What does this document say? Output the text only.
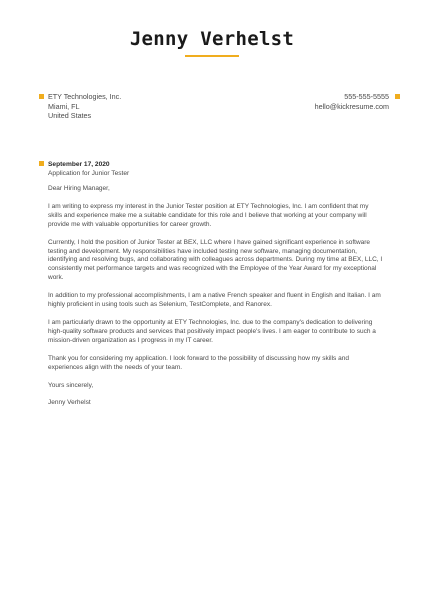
Jenny Verhelst
ETY Technologies, Inc.
Miami, FL
United States
555-555-5555
hello@kickresume.com
September 17, 2020
Application for Junior Tester

Dear Hiring Manager,

I am writing to express my interest in the Junior Tester position at ETY Technologies, Inc. I am confident that my skills and experience make me a suitable candidate for this role and I believe that working at your company will provide me with valuable opportunities for career growth.

Currently, I hold the position of Junior Tester at BEX, LLC where I have gained significant experience in software testing and development. My responsibilities have included testing new software, managing documentation, identifying and resolving bugs, and collaborating with colleagues across departments. During my time at BEX, LLC, I consistently met performance targets and was recognized with the Employee of the Year Award for my exceptional work.

In addition to my professional accomplishments, I am a native French speaker and fluent in English and Italian. I am highly proficient in using tools such as Selenium, TestComplete, and Ranorex.

I am particularly drawn to the opportunity at ETY Technologies, Inc. due to the company's dedication to delivering high-quality software products and services that positively impact people's lives. I am eager to contribute to such a mission-driven organization as I progress in my IT career.

Thank you for considering my application. I look forward to the possibility of discussing how my skills and experiences align with the needs of your team.

Yours sincerely,

Jenny Verhelst
